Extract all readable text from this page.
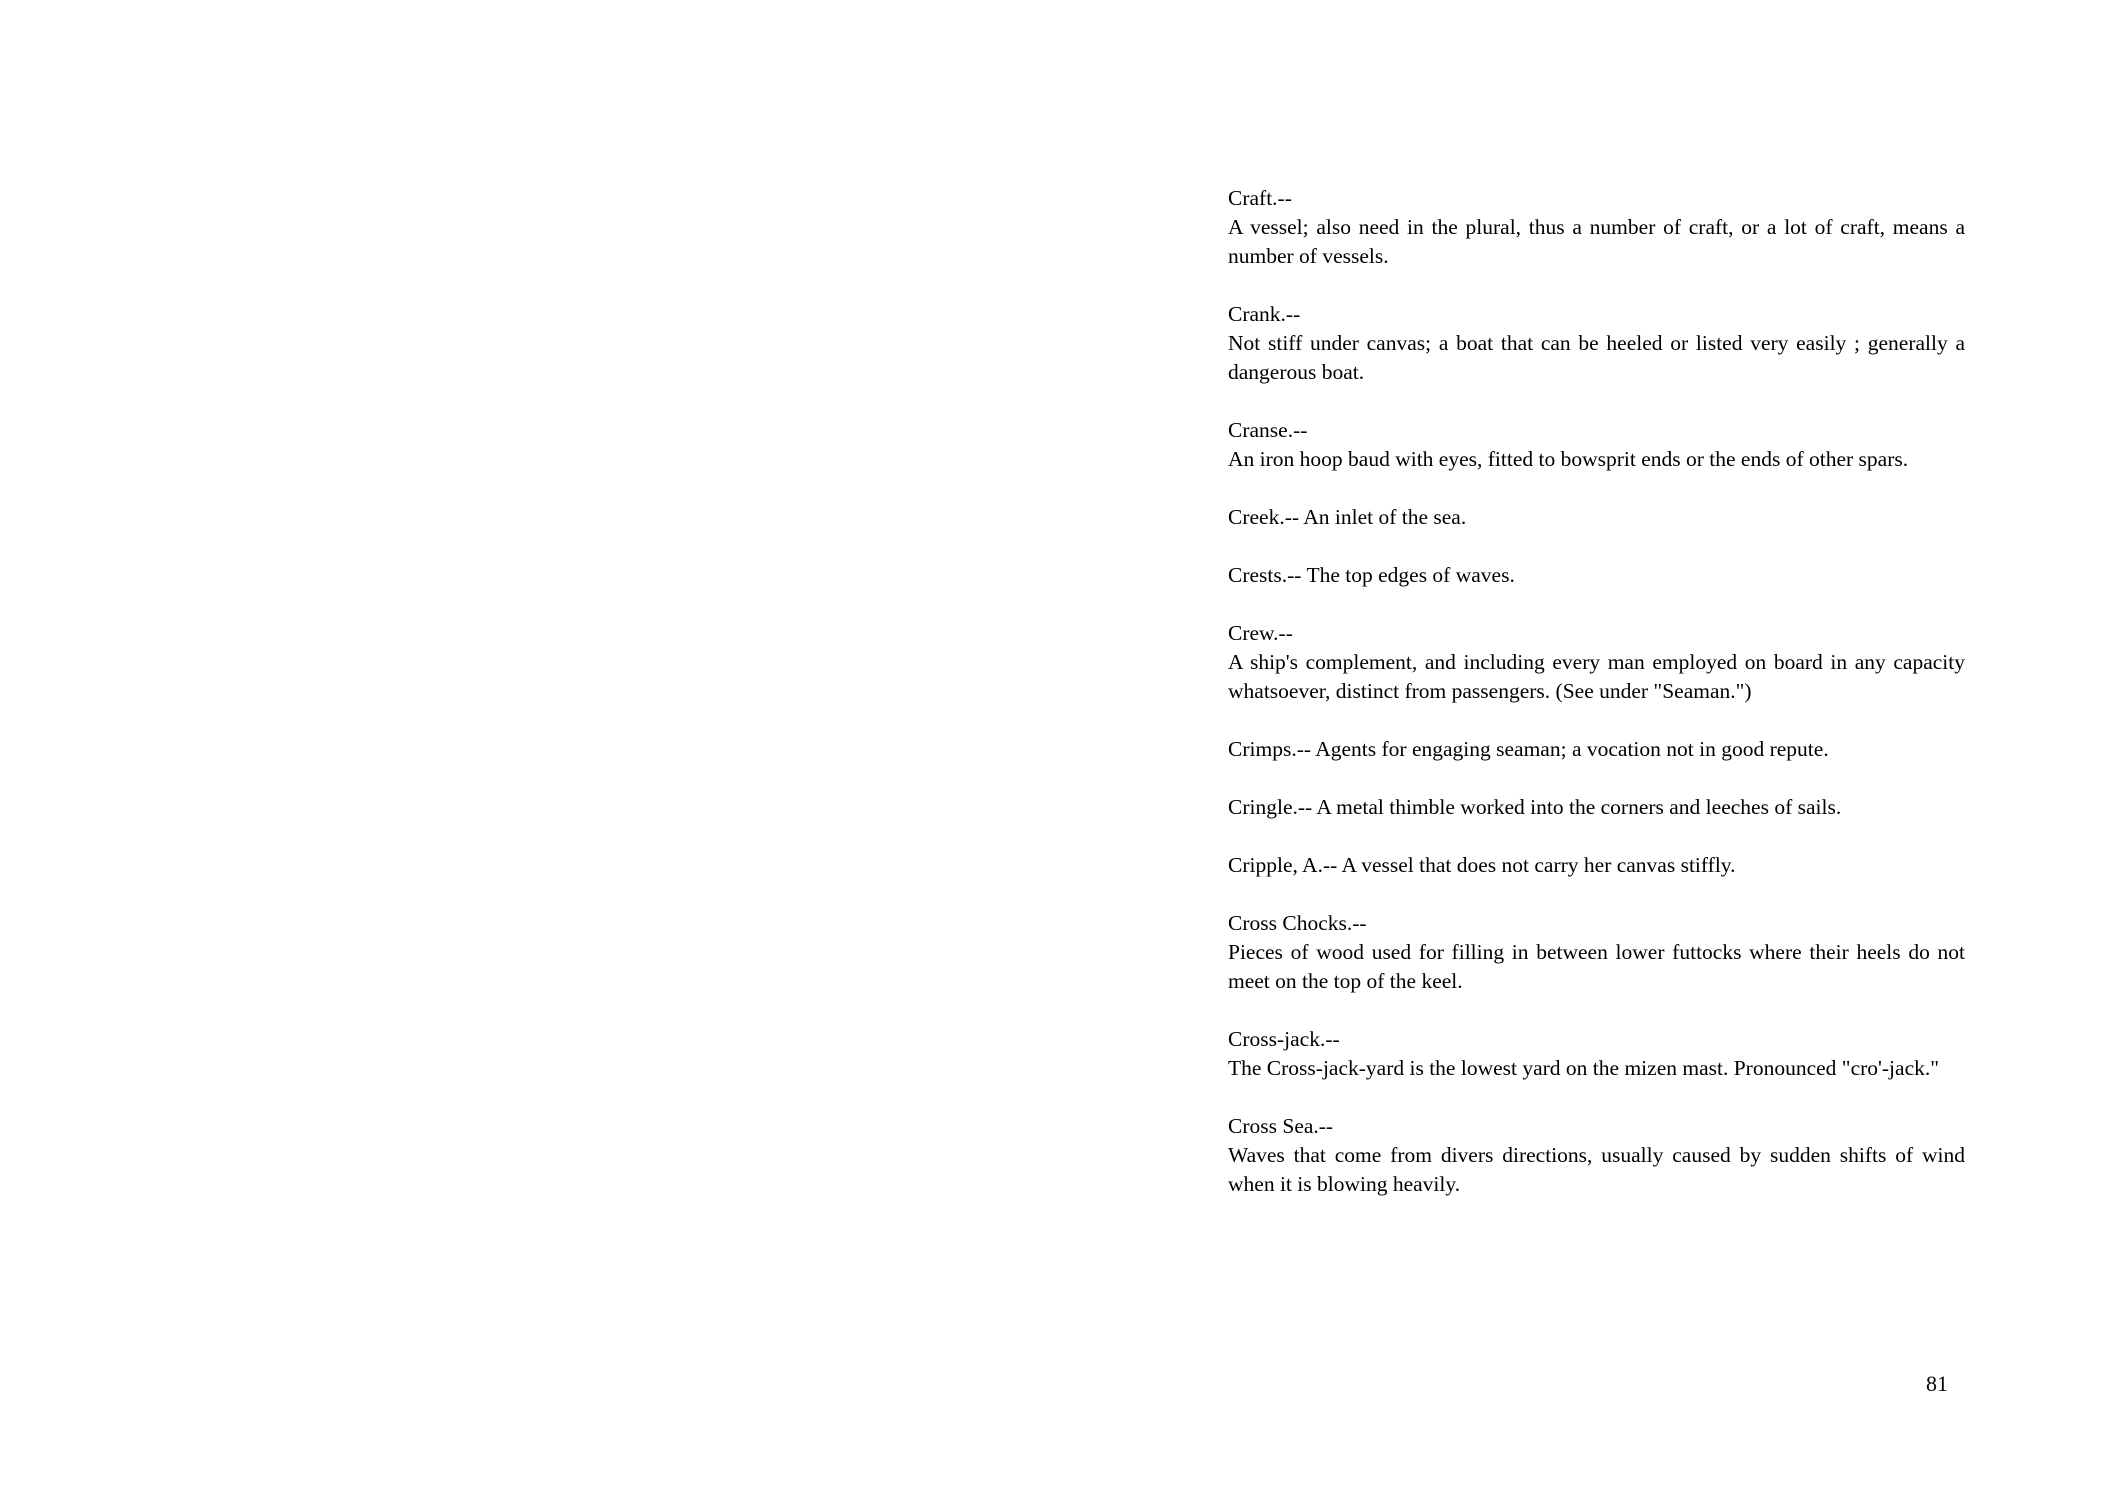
Craft.--
A vessel; also need in the plural, thus a number of craft, or a lot of craft, means a number of vessels.
Crank.--
Not stiff under canvas; a boat that can be heeled or listed very easily ; generally a dangerous boat.
Cranse.--
An iron hoop baud with eyes, fitted to bowsprit ends or the ends of other spars.

Creek.-- An inlet of the sea.

Crests.-- The top edges of waves.

Crew.--
A ship's complement, and including every man employed on board in any capacity whatsoever, distinct from passengers. (See under "Seaman.")

Crimps.-- Agents for engaging seaman; a vocation not in good repute.

Cringle.-- A metal thimble worked into the corners and leeches of sails.

Cripple, A.-- A vessel that does not carry her canvas stiffly.

Cross Chocks.--
Pieces of wood used for filling in between lower futtocks where their heels do not meet on the top of the keel.
Cross-jack.--
The Cross-jack-yard is the lowest yard on the mizen mast. Pronounced "cro'-jack."
Cross Sea.--
Waves that come from divers directions, usually caused by sudden shifts of wind when it is blowing heavily.
81
